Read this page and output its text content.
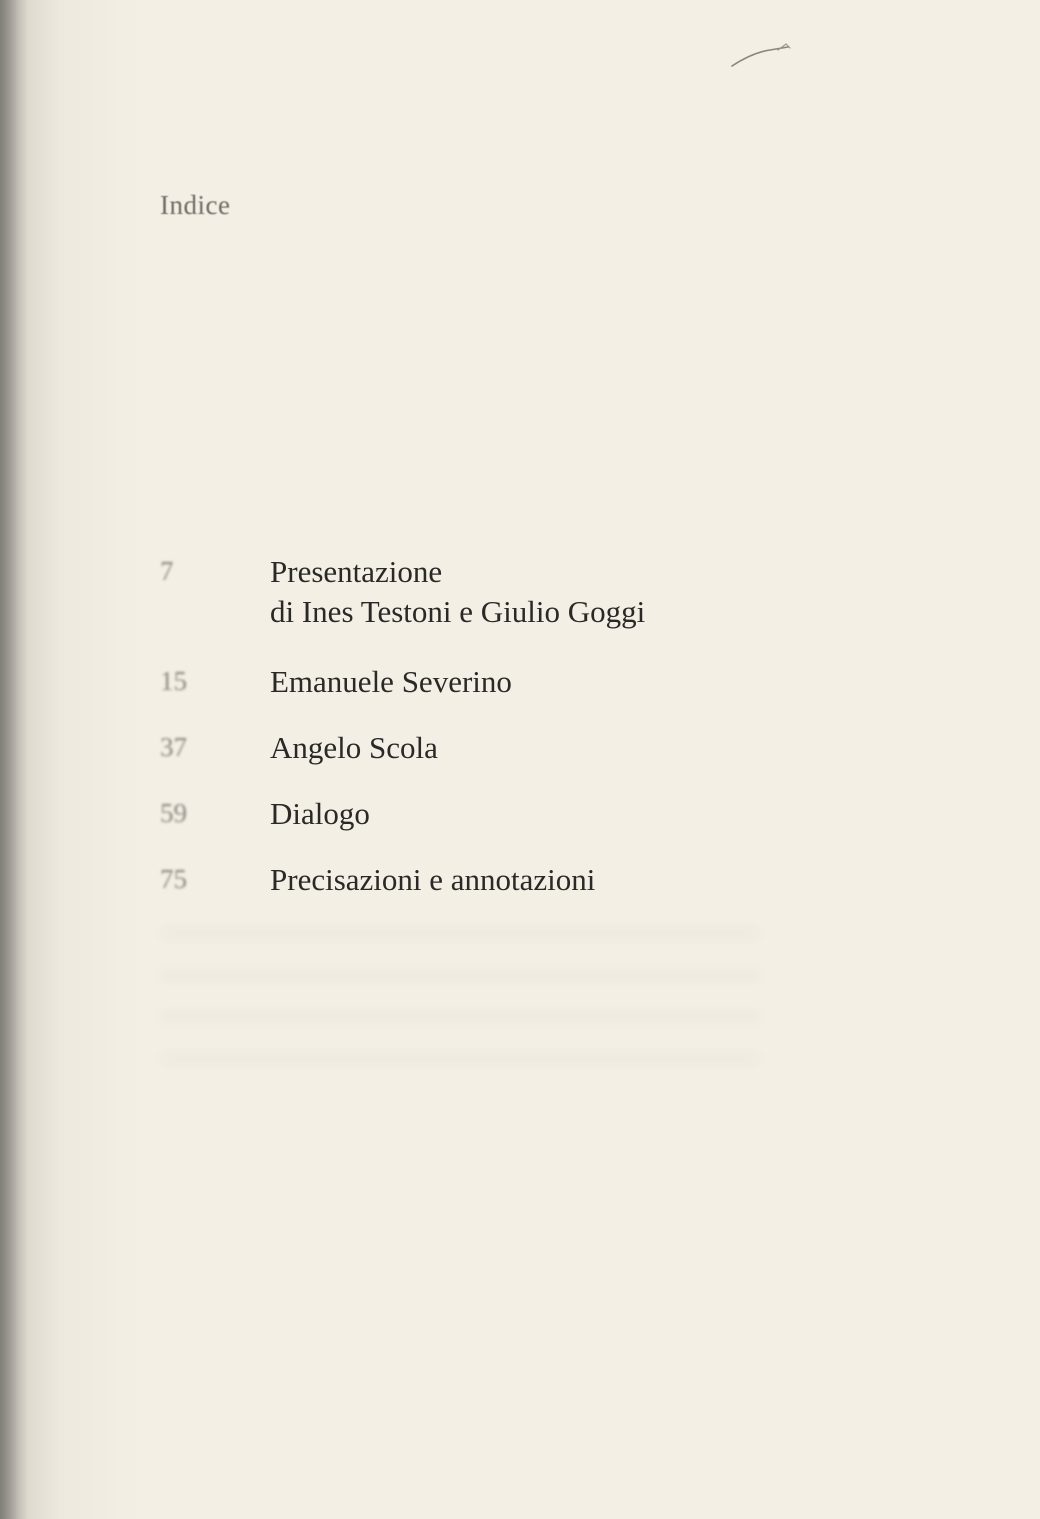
Indice
7	Presentazione
di Ines Testoni e Giulio Goggi
15	Emanuele Severino
37	Angelo Scola
59	Dialogo
75	Precisazioni e annotazioni
